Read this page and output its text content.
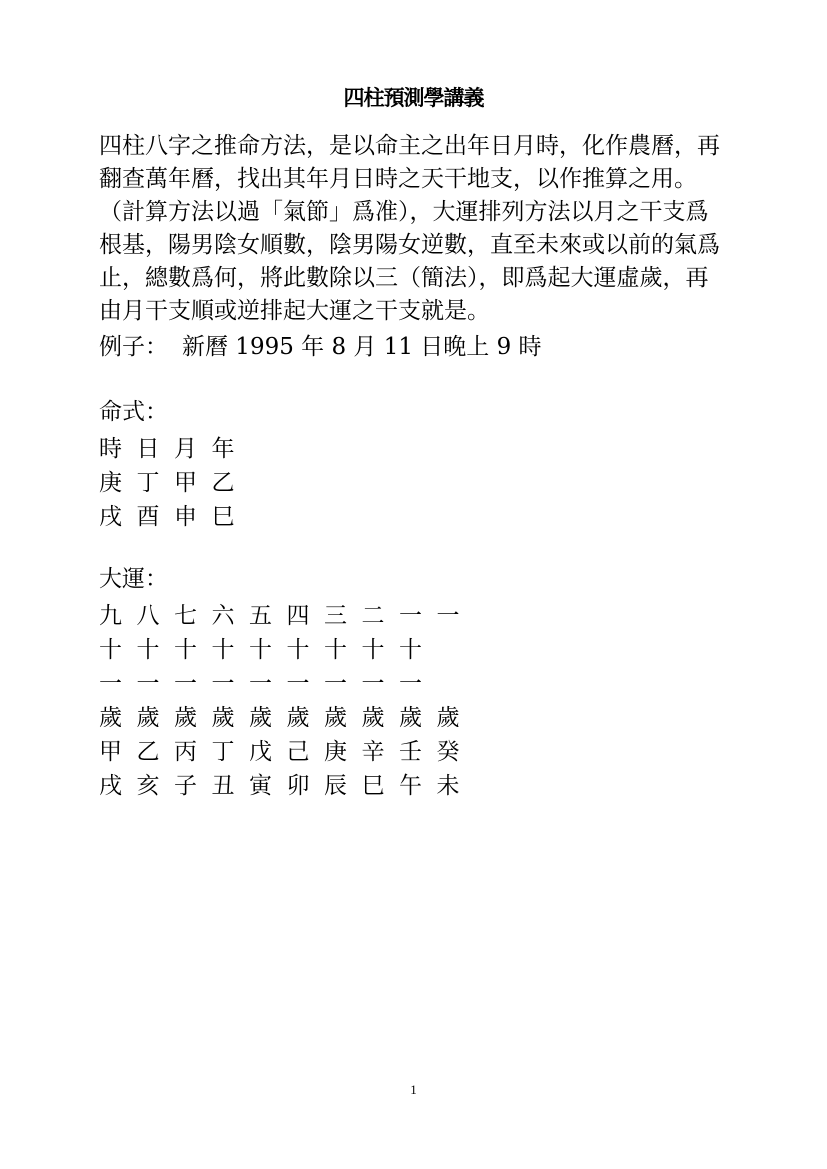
四柱預測學講義
四柱八字之推命方法，是以命主之出年日月時，化作農曆，再
翻查萬年曆，找出其年月日時之天干地支，以作推算之用。
（計算方法以過「氣節」爲准），大運排列方法以月之干支爲
根基，陽男陰女順數，陰男陽女逆數，直至未來或以前的氣爲
止，總數爲何，將此數除以三（簡法），即爲起大運虛歲，再
由月干支順或逆排起大運之干支就是。
例子： 新曆 1995 年 8 月 11 日晚上 9 時
命式：
時 日 月 年
庚 丁 甲 乙
戌 酉 申 巳
大運：
九 八 七 六 五 四 三 二 一 一
十 十 十 十 十 十 十 十 十
一 一 一 一 一 一 一 一 一
歲 歲 歲 歲 歲 歲 歲 歲 歲 歲
甲 乙 丙 丁 戊 己 庚 辛 壬 癸
戌 亥 子 丑 寅 卯 辰 巳 午 未
1
